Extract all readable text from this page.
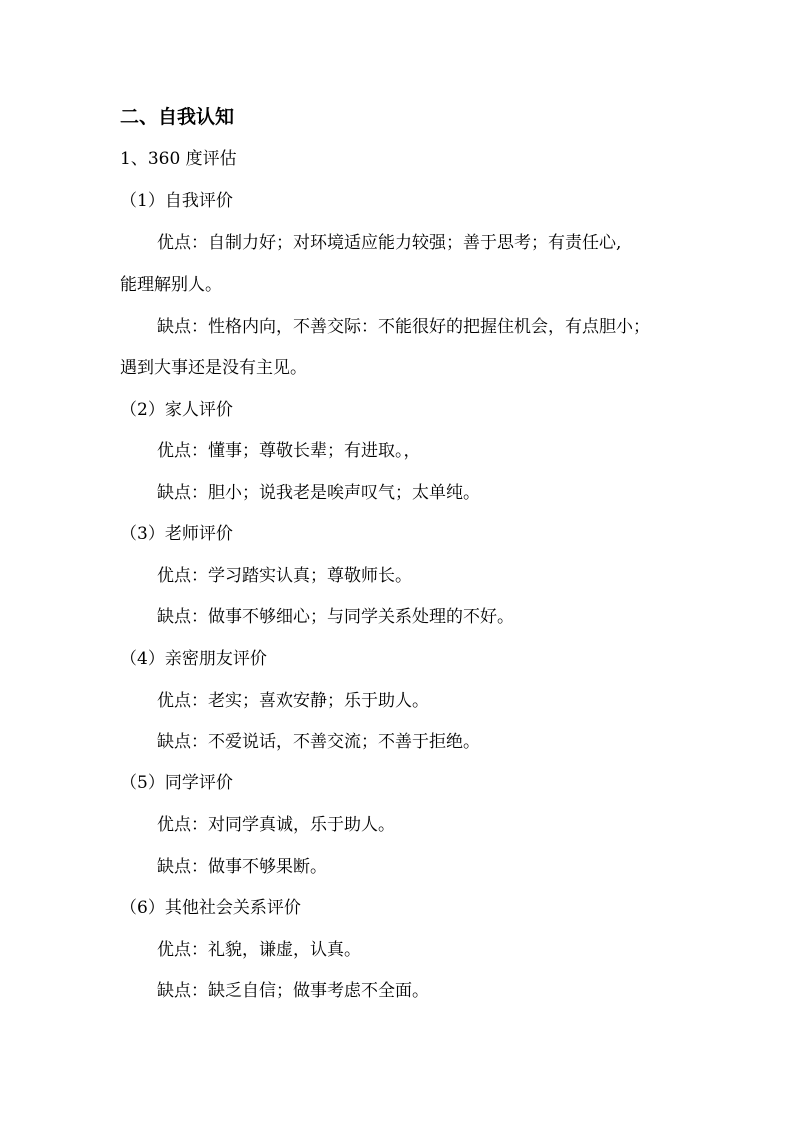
二、自我认知
1、360 度评估
（1）自我评价
优点：自制力好；对环境适应能力较强；善于思考；有责任心,
能理解别人。
缺点：性格内向，不善交际：不能很好的把握住机会，有点胆小；
遇到大事还是没有主见。
（2）家人评价
优点：懂事；尊敬长辈；有进取。，
缺点：胆小；说我老是唉声叹气；太单纯。
（3）老师评价
优点：学习踏实认真；尊敬师长。
缺点：做事不够细心；与同学关系处理的不好。
（4）亲密朋友评价
优点：老实；喜欢安静；乐于助人。
缺点：不爱说话，不善交流；不善于拒绝。
（5）同学评价
优点：对同学真诚，乐于助人。
缺点：做事不够果断。
（6）其他社会关系评价
优点：礼貌，谦虚，认真。
缺点：缺乏自信；做事考虑不全面。
